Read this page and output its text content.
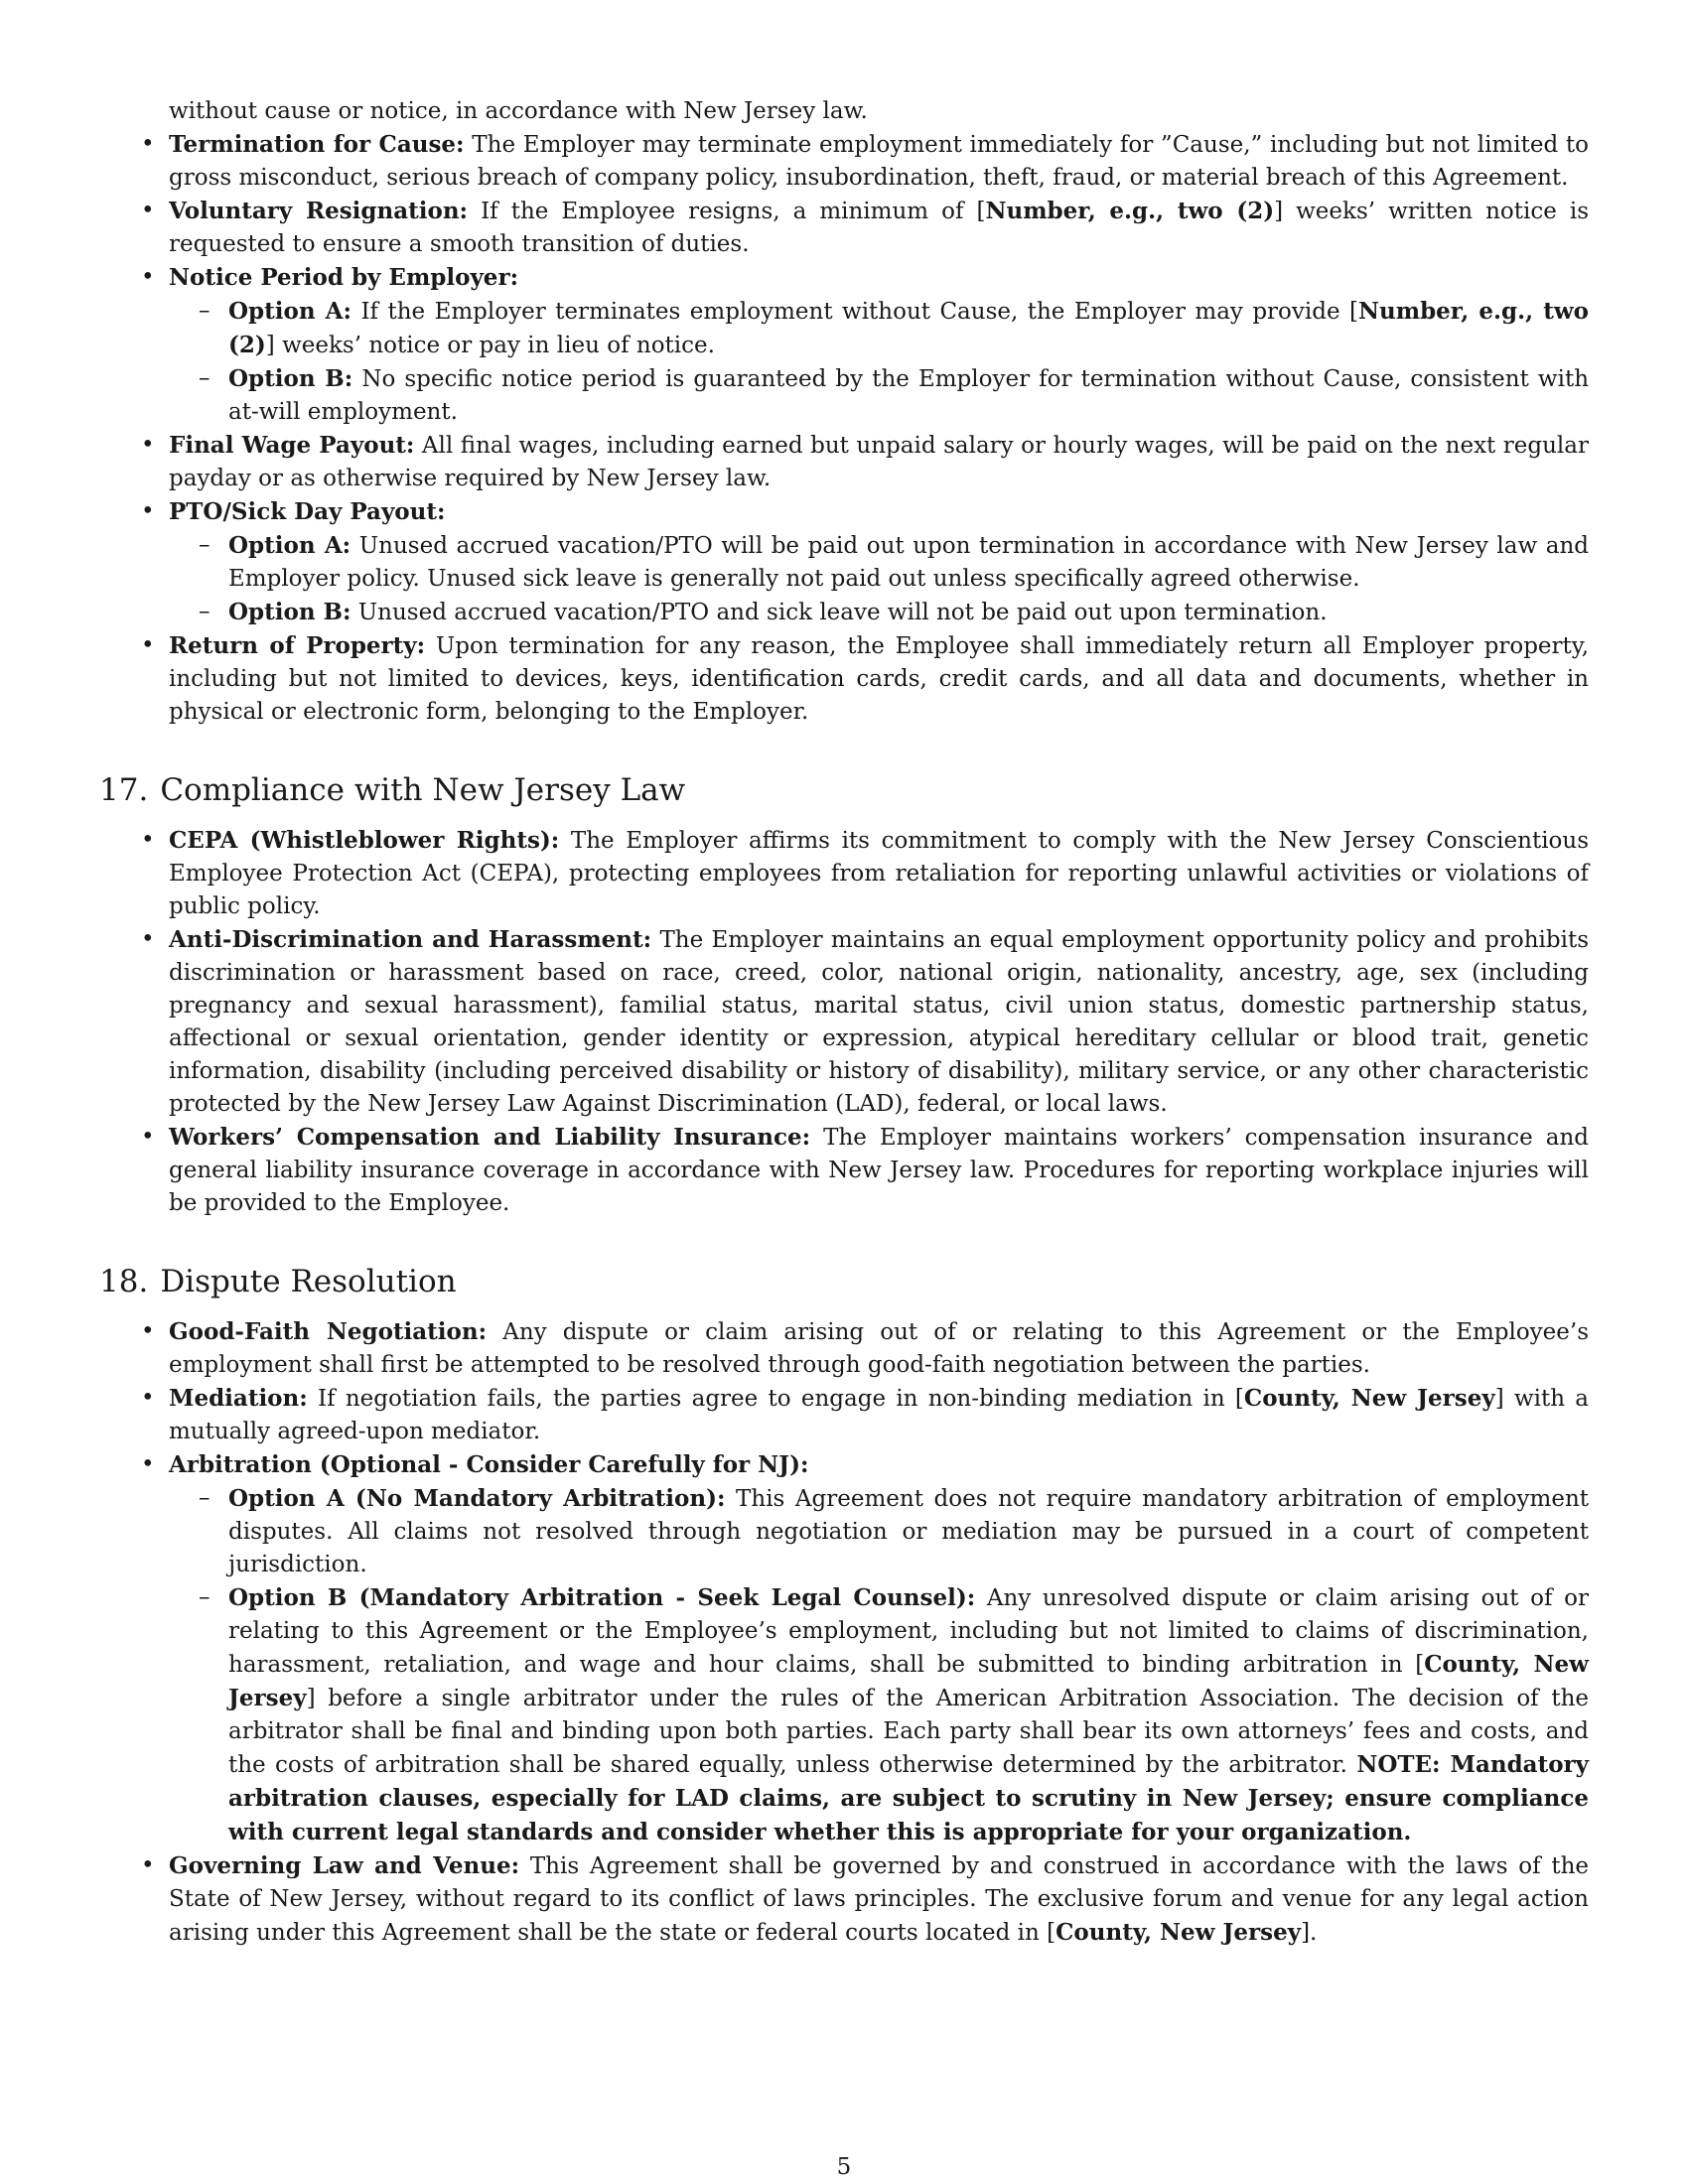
without cause or notice, in accordance with New Jersey law.

• Termination for Cause: The Employer may terminate employment immediately for ”Cause,” including but not limited to gross misconduct, serious breach of company policy, insubordination, theft, fraud, or material breach of this Agreement.
• Voluntary Resignation: If the Employee resigns, a minimum of [Number, e.g., two (2)] weeks’ written notice is requested to ensure a smooth transition of duties.
• Notice Period by Employer:
– Option A: If the Employer terminates employment without Cause, the Employer may provide [Number, e.g., two (2)] weeks’ notice or pay in lieu of notice.
– Option B: No specific notice period is guaranteed by the Employer for termination without Cause, consistent with at-will employment.
• Final Wage Payout: All final wages, including earned but unpaid salary or hourly wages, will be paid on the next regular payday or as otherwise required by New Jersey law.
• PTO/Sick Day Payout:
– Option A: Unused accrued vacation/PTO will be paid out upon termination in accordance with New Jersey law and Employer policy. Unused sick leave is generally not paid out unless specifically agreed otherwise.
– Option B: Unused accrued vacation/PTO and sick leave will not be paid out upon termination.
• Return of Property: Upon termination for any reason, the Employee shall immediately return all Employer property, including but not limited to devices, keys, identification cards, credit cards, and all data and documents, whether in physical or electronic form, belonging to the Employer.
17. Compliance with New Jersey Law
• CEPA (Whistleblower Rights): The Employer affirms its commitment to comply with the New Jersey Conscientious Employee Protection Act (CEPA), protecting employees from retaliation for reporting unlawful activities or violations of public policy.
• Anti-Discrimination and Harassment: The Employer maintains an equal employment opportunity policy and prohibits discrimination or harassment based on race, creed, color, national origin, nationality, ancestry, age, sex (including pregnancy and sexual harassment), familial status, marital status, civil union status, domestic partnership status, affectional or sexual orientation, gender identity or expression, atypical hereditary cellular or blood trait, genetic information, disability (including perceived disability or history of disability), military service, or any other characteristic protected by the New Jersey Law Against Discrimination (LAD), federal, or local laws.
• Workers’ Compensation and Liability Insurance: The Employer maintains workers’ compensation insurance and general liability insurance coverage in accordance with New Jersey law. Procedures for reporting workplace injuries will be provided to the Employee.
18. Dispute Resolution
• Good-Faith Negotiation: Any dispute or claim arising out of or relating to this Agreement or the Employee’s employment shall first be attempted to be resolved through good-faith negotiation between the parties.
• Mediation: If negotiation fails, the parties agree to engage in non-binding mediation in [County, New Jersey] with a mutually agreed-upon mediator.
• Arbitration (Optional - Consider Carefully for NJ):
– Option A (No Mandatory Arbitration): This Agreement does not require mandatory arbitration of employment disputes. All claims not resolved through negotiation or mediation may be pursued in a court of competent jurisdiction.
– Option B (Mandatory Arbitration - Seek Legal Counsel): Any unresolved dispute or claim arising out of or relating to this Agreement or the Employee’s employment, including but not limited to claims of discrimination, harassment, retaliation, and wage and hour claims, shall be submitted to binding arbitration in [County, New Jersey] before a single arbitrator under the rules of the American Arbitration Association. The decision of the arbitrator shall be final and binding upon both parties. Each party shall bear its own attorneys’ fees and costs, and the costs of arbitration shall be shared equally, unless otherwise determined by the arbitrator. NOTE: Mandatory arbitration clauses, especially for LAD claims, are subject to scrutiny in New Jersey; ensure compliance with current legal standards and consider whether this is appropriate for your organization.
• Governing Law and Venue: This Agreement shall be governed by and construed in accordance with the laws of the State of New Jersey, without regard to its conflict of laws principles. The exclusive forum and venue for any legal action arising under this Agreement shall be the state or federal courts located in [County, New Jersey].
5
